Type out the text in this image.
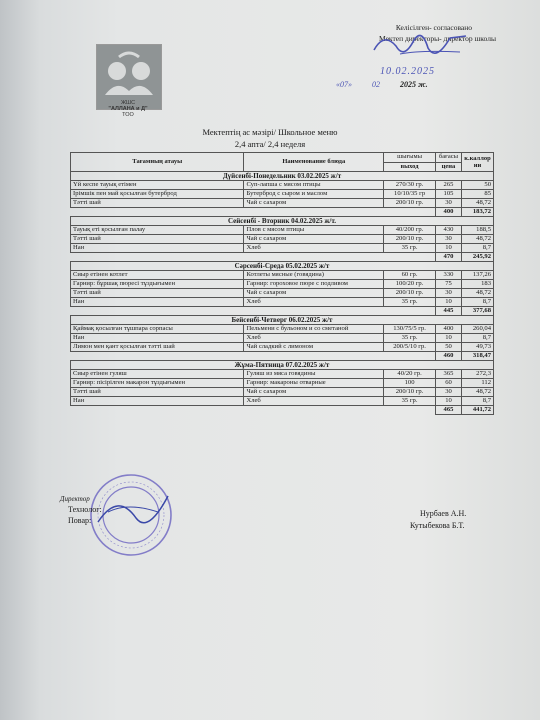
ЖШС
"АЛЛАНА и Д"
ТОО
Келісілген- согласовано
Мектеп директоры- директор школы
10.02.2025
«07»	02	2025 ж.
Мектептің ас мәзірі/ Школьное меню
2,4 апта/ 2,4 неделя
Тағамның атауы	Наименование блюда	шығымы	бағасы	к.каллор ии
		выход	цена	
Дүйсенбі-Понедельник 03.02.2025 ж/т				
Үй кеспе тауық етімен	Суп-лапша с мясом птицы	270/30 гр.	265	50
Ірімшік пен май қосылған бутерброд	Бутерброд с сыром и маслом	10/10/35 гр	105	85
Тәтті шай	Чай с сахаром	200/10 гр.	30	48,72
			400	183,72
Сейсенбі - Вторник 04.02.2025 ж/т.				
Тауық еті қосылған палау	Плов с мясом птицы	40/200 гр.	430	188,5
Тәтті шай	Чай с сахаром	200/10 гр.	30	48,72
Нан	Хлеб	35 гр.	10	8,7
			470	245,92
Сәрсенбі-Среда 05.02.2025 ж/т				
Сиыр етінен котлет	Котлеты мясные (говядина)	60 гр.	330	137,26
Гарнир: бұршақ пюресі тұздығымен	Гарнир: гороховое пюре с подливом	100/20 гр.	75	183
Тәтті шай	Чай с сахаром	200/10 гр.	30	48,72
Нан	Хлеб	35 гр.	10	8,7
			445	377,68
Бейсенбі-Четверг 06.02.2025 ж/т				
Қаймақ қосылған тұшпара сорпасы	Пельмени с бульоном и со сметаной	130/75/5 гр.	400	260,04
Нан	Хлеб	35 гр.	10	8,7
Лимон мен қант қосылған тәтті шай	Чай сладкий с лимоном	200/5/10 гр.	50	49,73
			460	318,47
Жұма-Пятница 07.02.2025 ж/т				
Сиыр етінен гуляш	Гуляш из мяса говядины	40/20 гр.	365	272,3
Гарнир: пісірілген макарон тұздығымен	Гарнир: макароны отварные	100	60	112
Тәтті шай	Чай с сахаром	200/10 гр.	30	48,72
Нан	Хлеб	35 гр.	10	8,7
			465	441,72
Директор
Технолог:
Повар:
Нурбаев А.Н.
Кутыбекова Б.Т.
